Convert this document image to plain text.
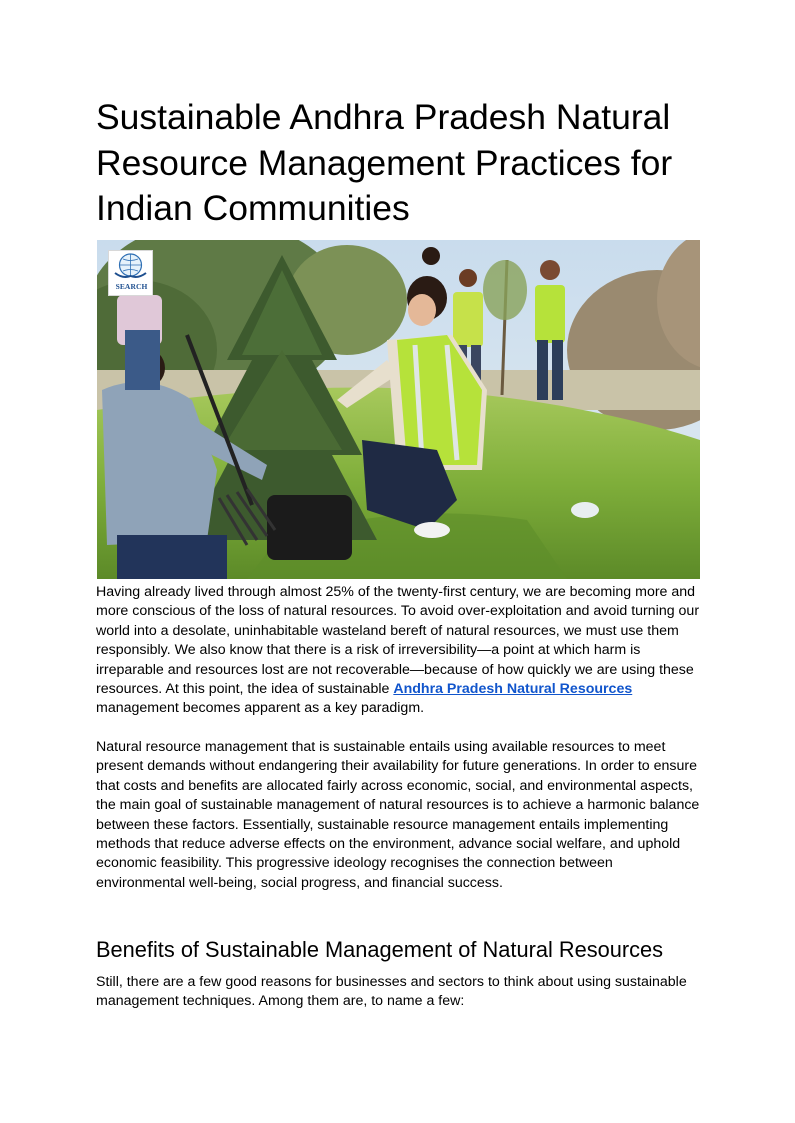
Sustainable Andhra Pradesh Natural Resource Management Practices for Indian Communities
SEARCH

Having already lived through almost 25% of the twenty-first century, we are becoming more and more conscious of the loss of natural resources. To avoid over-exploitation and avoid turning our world into a desolate, uninhabitable wasteland bereft of natural resources, we must use them responsibly. We also know that there is a risk of irreversibility—a point at which harm is irreparable and resources lost are not recoverable—because of how quickly we are using these resources. At this point, the idea of sustainable Andhra Pradesh Natural Resources management becomes apparent as a key paradigm.

Natural resource management that is sustainable entails using available resources to meet present demands without endangering their availability for future generations. In order to ensure that costs and benefits are allocated fairly across economic, social, and environmental aspects, the main goal of sustainable management of natural resources is to achieve a harmonic balance between these factors. Essentially, sustainable resource management entails implementing methods that reduce adverse effects on the environment, advance social welfare, and uphold economic feasibility. This progressive ideology recognises the connection between environmental well-being, social progress, and financial success.

Benefits of Sustainable Management of Natural Resources

Still, there are a few good reasons for businesses and sectors to think about using sustainable management techniques. Among them are, to name a few:
